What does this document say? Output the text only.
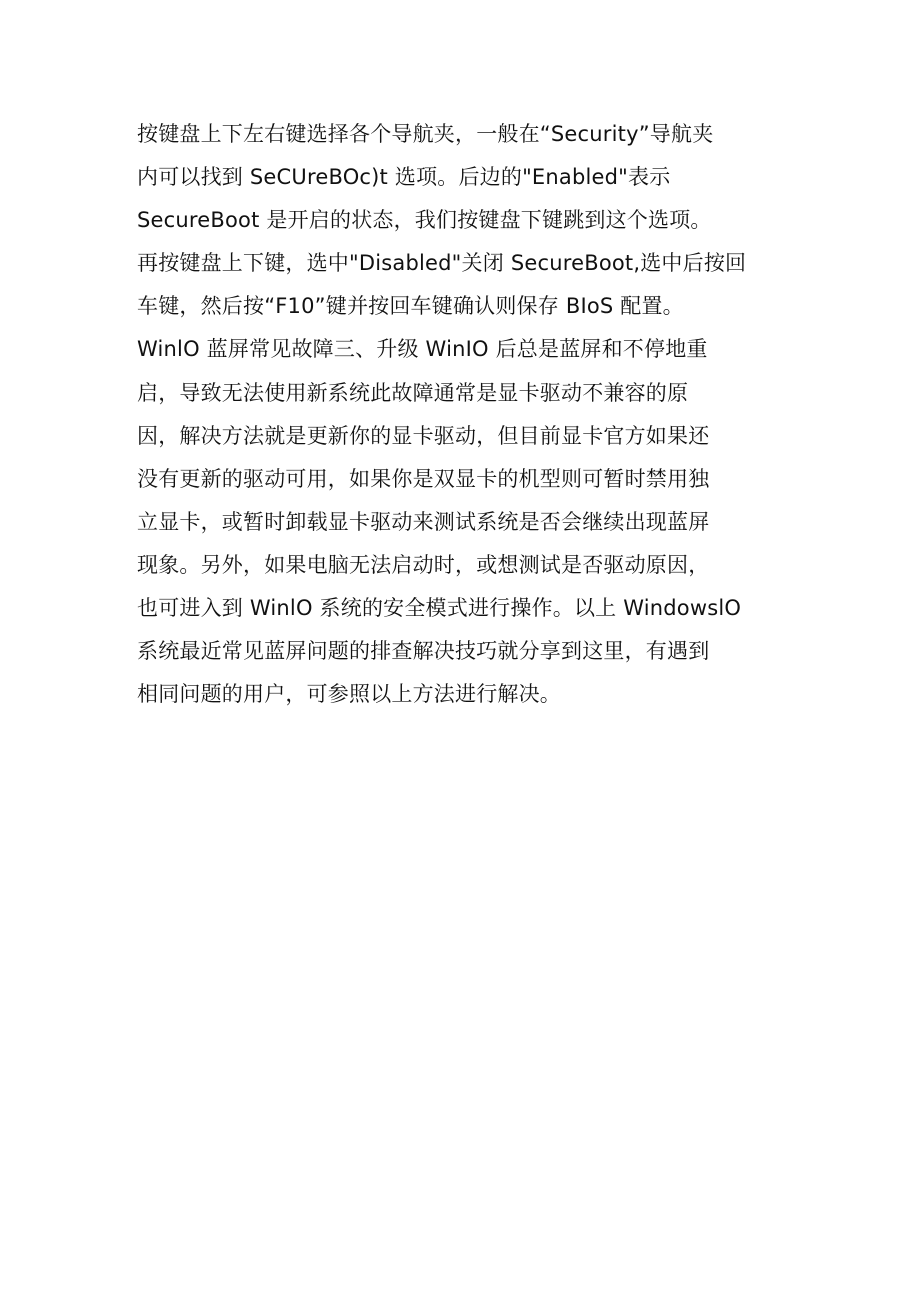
按键盘上下左右键选择各个导航夹，一般在“Security”导航夹
内可以找到 SeCUreBOc)t 选项。后边的"Enabled"表示
SecureBoot 是开启的状态，我们按键盘下键跳到这个选项。
再按键盘上下键，选中"Disabled"关闭 SecureBoot,选中后按回
车键，然后按“F10”键并按回车键确认则保存 BIoS 配置。
WinlO 蓝屏常见故障三、升级 WinIO 后总是蓝屏和不停地重
启，导致无法使用新系统此故障通常是显卡驱动不兼容的原
因，解决方法就是更新你的显卡驱动，但目前显卡官方如果还
没有更新的驱动可用，如果你是双显卡的机型则可暂时禁用独
立显卡，或暂时卸载显卡驱动来测试系统是否会继续出现蓝屏
现象。另外，如果电脑无法启动时，或想测试是否驱动原因，
也可进入到 WinlO 系统的安全模式进行操作。以上 WindowslO
系统最近常见蓝屏问题的排查解决技巧就分享到这里，有遇到
相同问题的用户，可参照以上方法进行解决。
